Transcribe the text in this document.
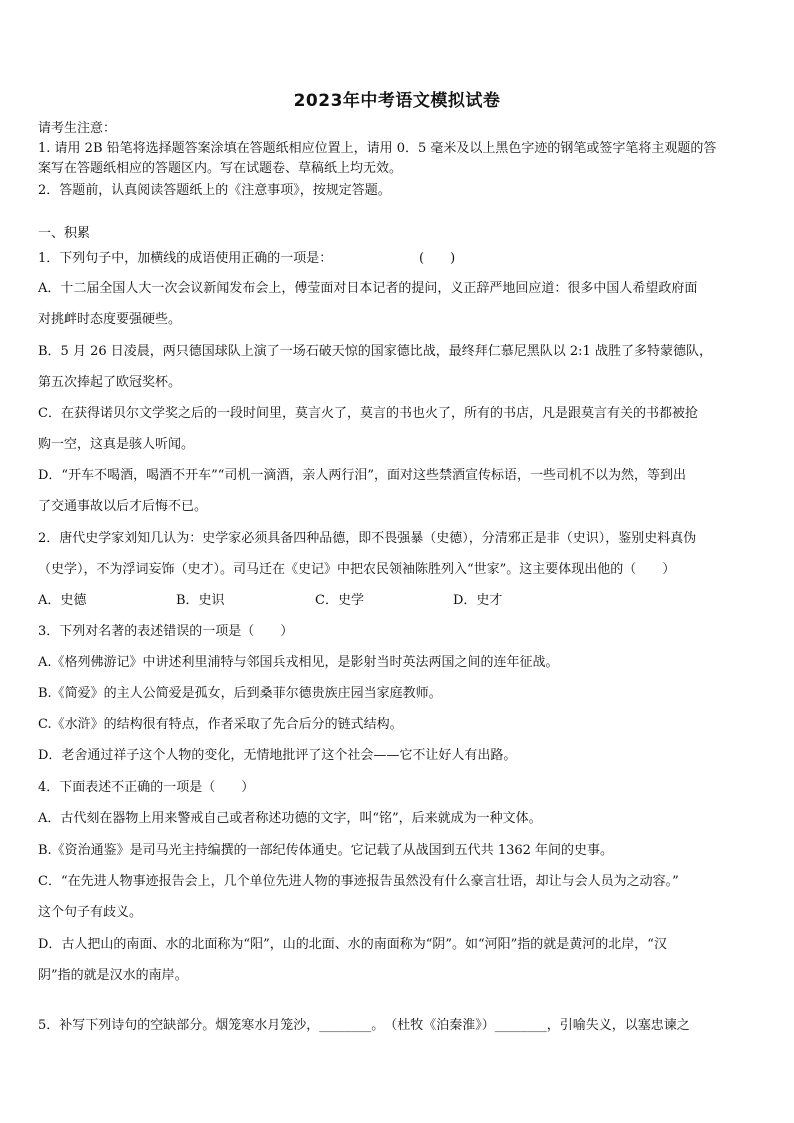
2023年中考语文模拟试卷
请考生注意：
1. 请用 2B 铅笔将选择题答案涂填在答题纸相应位置上，请用 0．5 毫米及以上黑色字迹的钢笔或签字笔将主观题的答
案写在答题纸相应的答题区内。写在试题卷、草稿纸上均无效。
2．答题前，认真阅读答题纸上的《注意事项》，按规定答题。
一、积累
1．下列句子中，加横线的成语使用正确的一项是：	(　　)
A．十二届全国人大一次会议新闻发布会上，傅莹面对日本记者的提问，义正辞严地回应道：很多中国人希望政府面
对挑衅时态度要强硬些。
B．5 月 26 日凌晨，两只德国球队上演了一场石破天惊的国家德比战，最终拜仁慕尼黑队以 2:1 战胜了多特蒙德队，
第五次捧起了欧冠奖杯。
C．在获得诺贝尔文学奖之后的一段时间里，莫言火了，莫言的书也火了，所有的书店，凡是跟莫言有关的书都被抢
购一空，这真是骇人听闻。
D．“开车不喝酒，喝酒不开车”“司机一滴酒，亲人两行泪”，面对这些禁酒宣传标语，一些司机不以为然，等到出
了交通事故以后才后悔不已。
2．唐代史学家刘知几认为：史学家必须具备四种品德，即不畏强暴（史德），分清邪正是非（史识），鉴别史料真伪
（史学），不为浮词妄饰（史才）。司马迁在《史记》中把农民领袖陈胜列入“世家”。这主要体现出他的（　　）
A．史德	B．史识	C．史学	D．史才
3．下列对名著的表述错误的一项是（　　）
A.《格列佛游记》中讲述利里浦特与邻国兵戎相见，是影射当时英法两国之间的连年征战。
B.《简爱》的主人公简爱是孤女，后到桑菲尔德贵族庄园当家庭教师。
C.《水浒》的结构很有特点，作者采取了先合后分的链式结构。
D．老舍通过祥子这个人物的变化，无情地批评了这个社会——它不让好人有出路。
4．下面表述不正确的一项是（　　）
A．古代刻在器物上用来警戒自己或者称述功德的文字，叫“铭”，后来就成为一种文体。
B.《资治通鉴》是司马光主持编撰的一部纪传体通史。它记载了从战国到五代共 1362 年间的史事。
C．“在先进人物事迹报告会上，几个单位先进人物的事迹报告虽然没有什么豪言壮语，却让与会人员为之动容。”
这个句子有歧义。
D．古人把山的南面、水的北面称为“阳”，山的北面、水的南面称为“阴”。如“河阳”指的就是黄河的北岸，“汉
阴”指的就是汉水的南岸。
5．补写下列诗句的空缺部分。烟笼寒水月笼沙，________。　（杜牧《泊秦淮》）________，引喻失义，以塞忠谏之
